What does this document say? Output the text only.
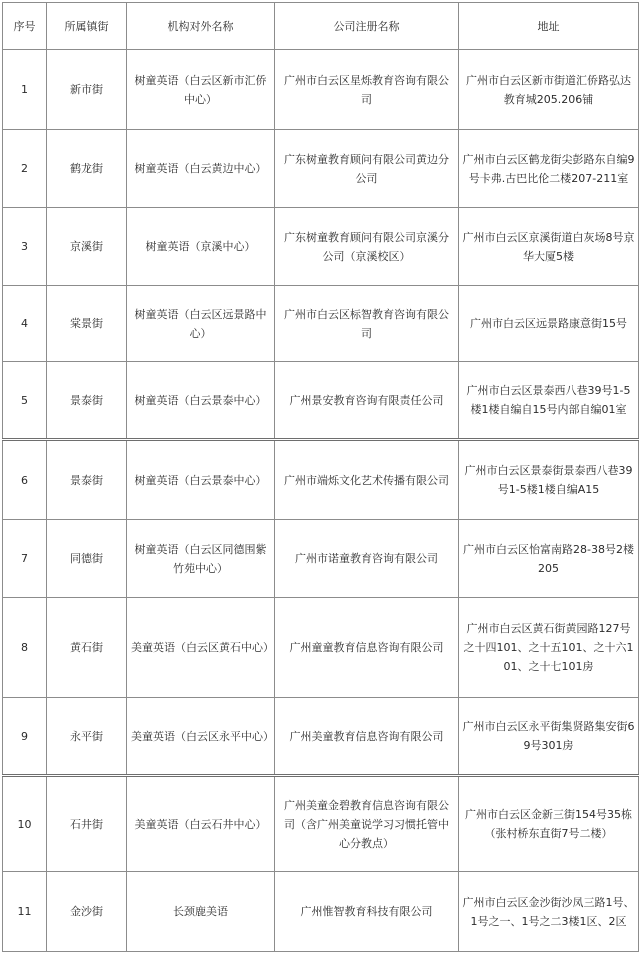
序号	所属镇街	机构对外名称	公司注册名称	地址
1	新市街	树童英语（白云区新市汇侨中心）	广州市白云区星烁教育咨询有限公司	广州市白云区新市街道汇侨路弘达教育城205.206铺
2	鹤龙街	树童英语（白云黄边中心）	广东树童教育顾问有限公司黄边分公司	广州市白云区鹤龙街尖彭路东自编9号卡弗.古巴比伦二楼207-211室
3	京溪街	树童英语（京溪中心）	广东树童教育顾问有限公司京溪分公司（京溪校区）	广州市白云区京溪街道白灰场8号京华大厦5楼
4	棠景街	树童英语（白云区远景路中心）	广州市白云区标智教育咨询有限公司	广州市白云区远景路康意街15号
5	景泰街	树童英语（白云景泰中心）	广州景安教育咨询有限责任公司	广州市白云区景泰西八巷39号1-5楼1楼自编自15号内部自编01室
6	景泰街	树童英语（白云景泰中心）	广州市端烁文化艺术传播有限公司	广州市白云区景泰街景泰西八巷39号1-5楼1楼自编A15
7	同德街	树童英语（白云区同德围紫竹苑中心）	广州市诺童教育咨询有限公司	广州市白云区怡富南路28-38号2楼205
8	黄石街	美童英语（白云区黄石中心）	广州童童教育信息咨询有限公司	广州市白云区黄石街黄园路127号之十四101、之十五101、之十六101、之十七101房
9	永平街	美童英语（白云区永平中心）	广州美童教育信息咨询有限公司	广州市白云区永平街集贤路集安街69号301房
10	石井街	美童英语（白云石井中心）	广州美童金碧教育信息咨询有限公司（含广州美童说学习习惯托管中心分教点）	广州市白云区金新三街154号35栋（张村桥东直街7号二楼）
11	金沙街	长颈鹿美语	广州惟智教育科技有限公司	广州市白云区金沙街沙凤三路1号、1号之一、1号之二3楼1区、2区
